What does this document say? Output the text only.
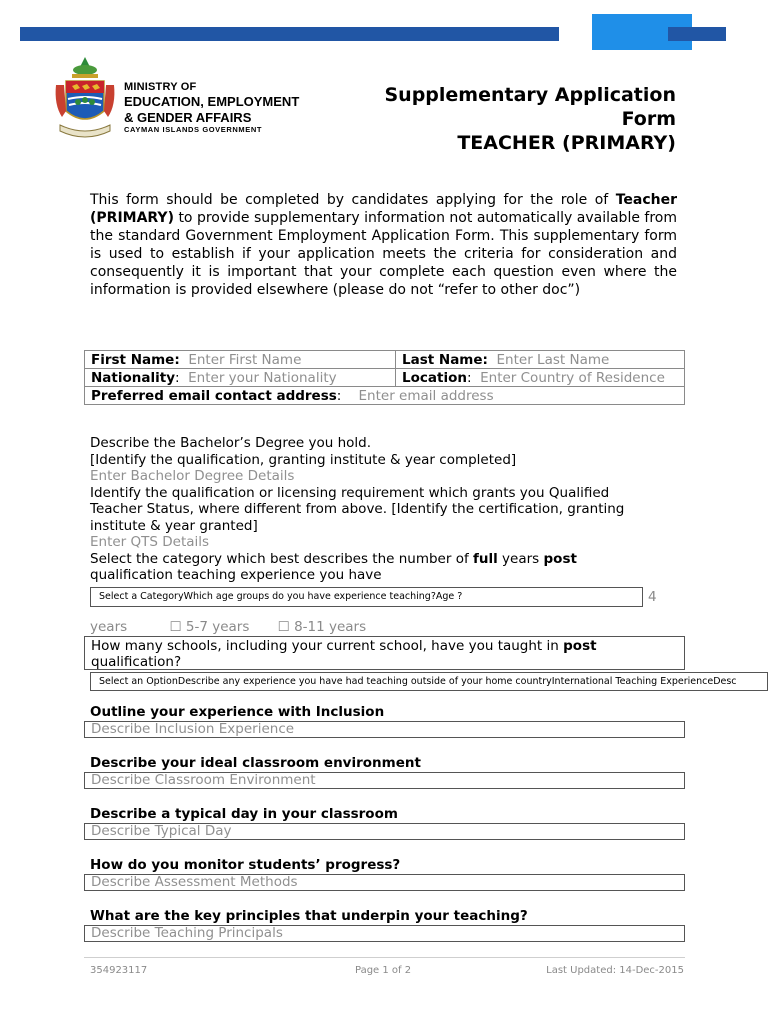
MINISTRY OF
EDUCATION, EMPLOYMENT
& GENDER AFFAIRS
CAYMAN ISLANDS GOVERNMENT
Supplementary Application
Form
TEACHER (PRIMARY)
This form should be completed by candidates applying for the role of Teacher (PRIMARY) to provide supplementary information not automatically available from the standard Government Employment Application Form. This supplementary form is used to establish if your application meets the criteria for consideration and consequently it is important that your complete each question even where the information is provided elsewhere (please do not “refer to other doc”)
First Name: Enter First Name	Last Name: Enter Last Name
Nationality:  Enter your Nationality	Location:  Enter Country of Residence
Preferred email contact address:    Enter email address	
Describe the Bachelor’s Degree you hold.
[Identify the qualification, granting institute & year completed]
Enter Bachelor Degree Details
Identify the qualification or licensing requirement which grants you Qualified
Teacher Status, where different from above. [Identify the certification, granting
institute & year granted]
Enter QTS Details
Select the category which best describes the number of full years post
qualification teaching experience you have
Select a CategoryWhich age groups do you have experience teaching?Age ?	4
years	☐ 5-7 years ☐ 8-11 years
How many schools, including your current school, have you taught in post
qualification?
Select an OptionDescribe any experience you have had teaching outside of your home countryInternational Teaching ExperienceDesc
Outline your experience with Inclusion
Describe Inclusion Experience
Describe your ideal classroom environment
Describe Classroom Environment
Describe a typical day in your classroom
Describe Typical Day
How do you monitor students’ progress?
Describe Assessment Methods
What are the key principles that underpin your teaching?
Describe Teaching Principals
354923117	Page 1 of 2	Last Updated: 14-Dec-2015
